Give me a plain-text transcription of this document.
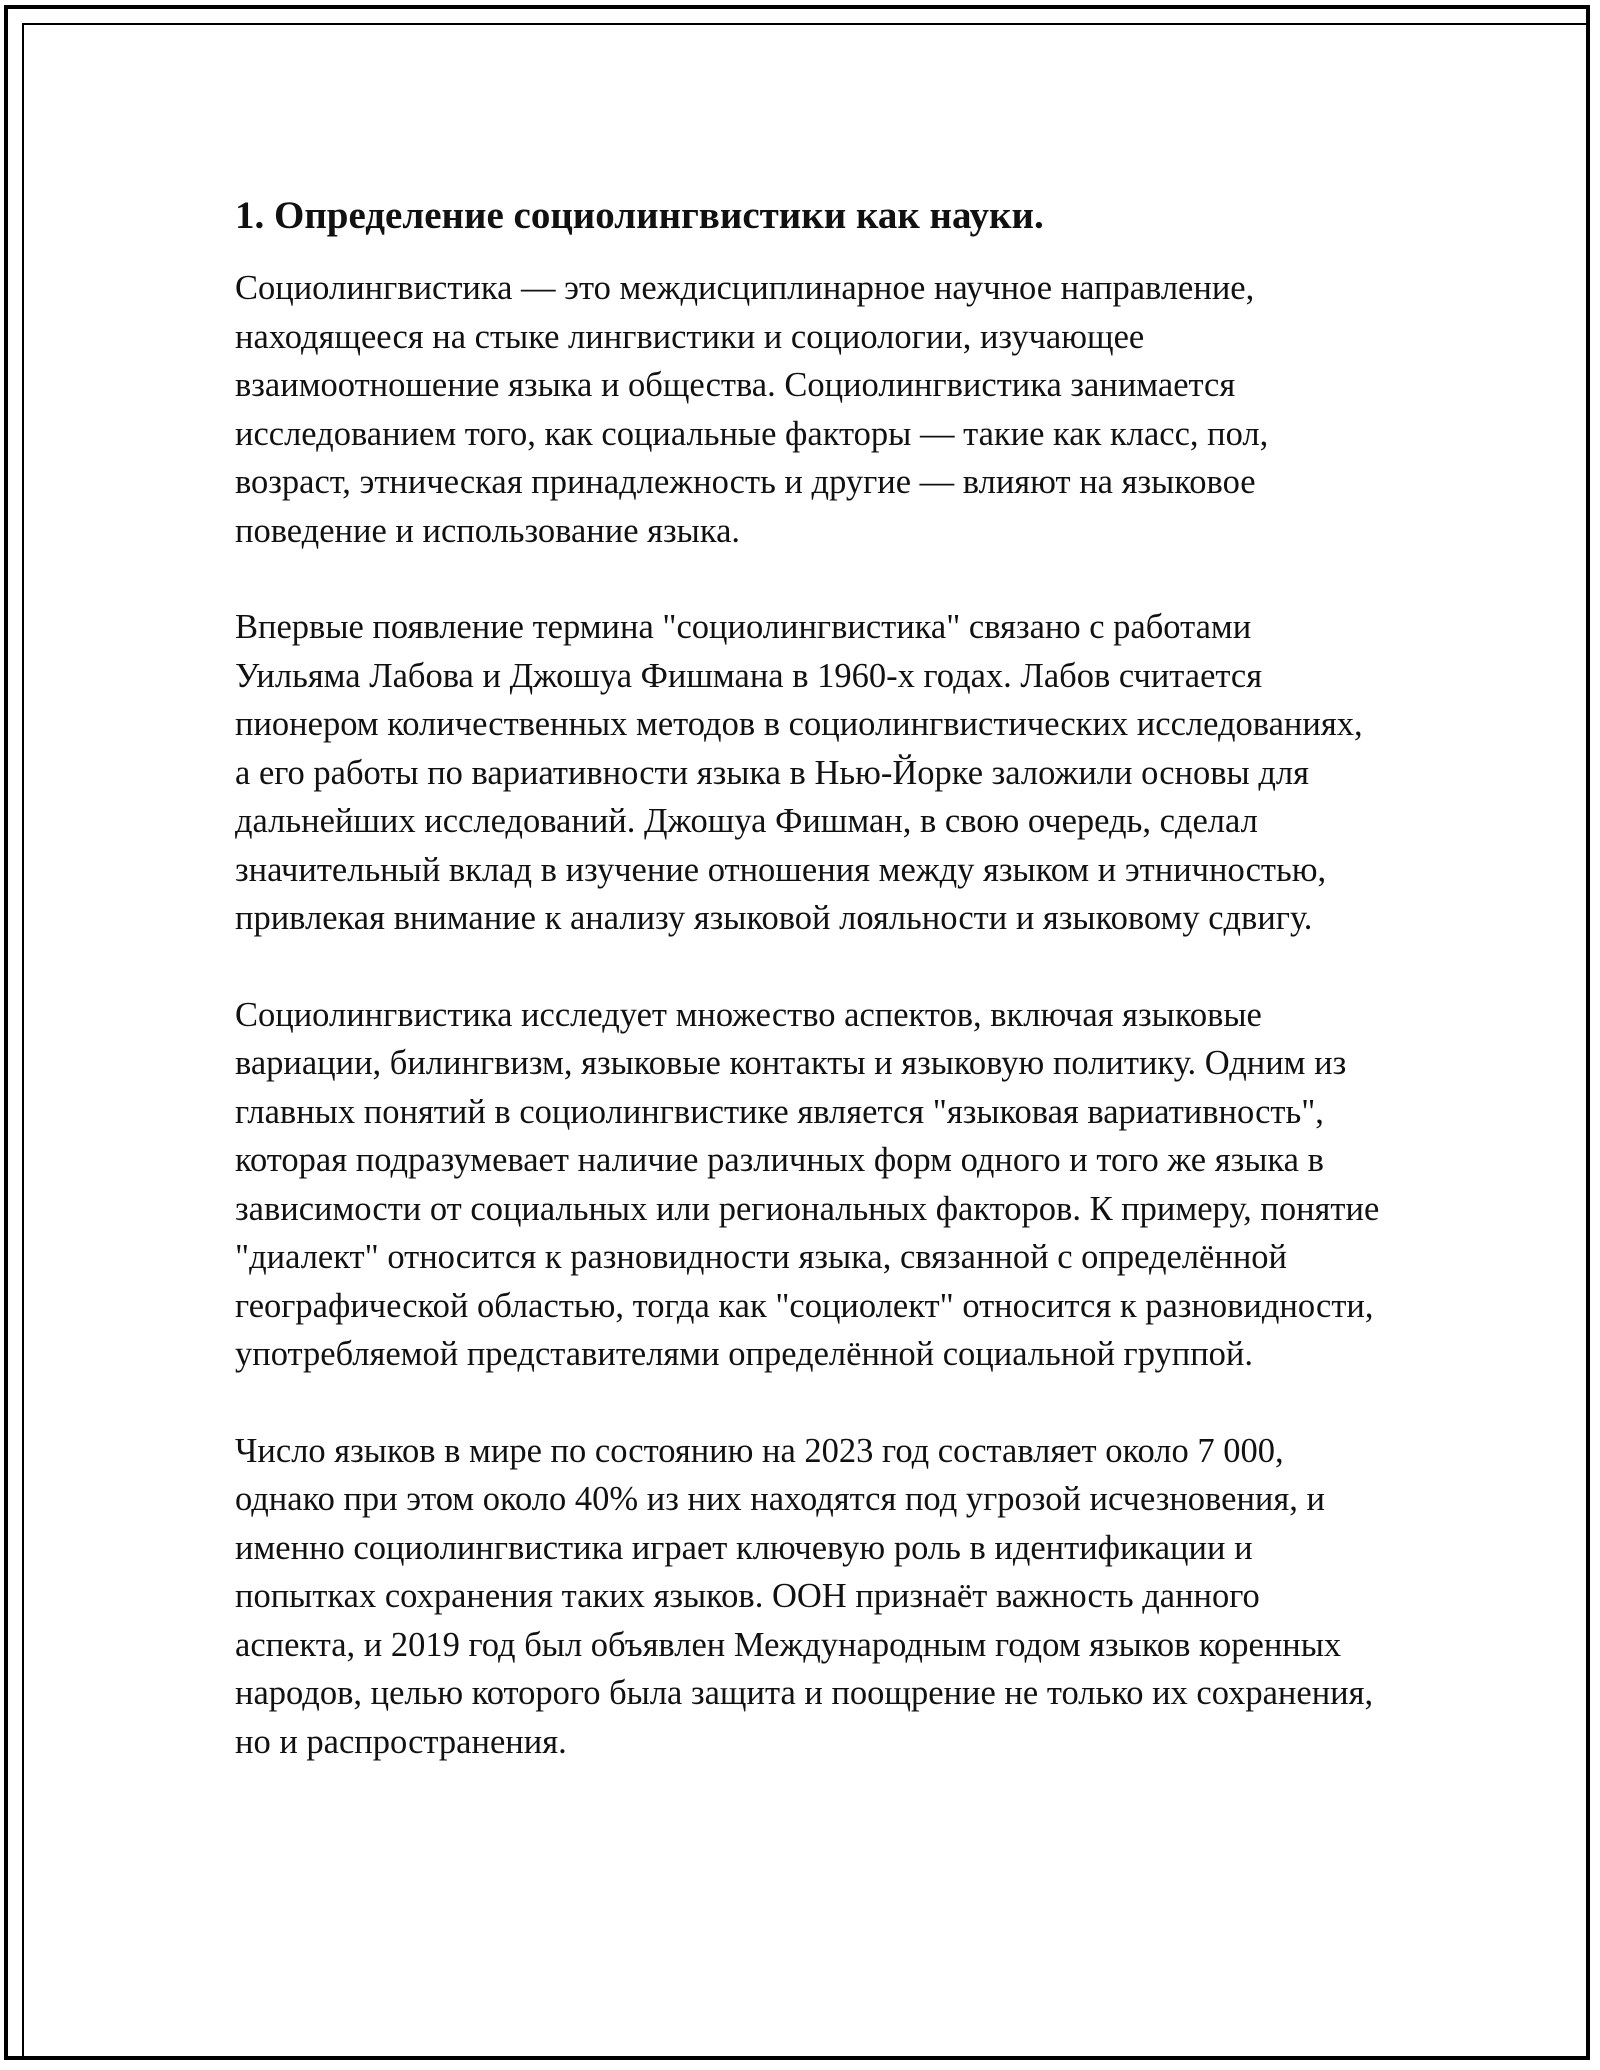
1. Определение социолингвистики как науки.

Социолингвистика — это междисциплинарное научное направление, находящееся на стыке лингвистики и социологии, изучающее взаимоотношение языка и общества. Социолингвистика занимается исследованием того, как социальные факторы — такие как класс, пол, возраст, этническая принадлежность и другие — влияют на языковое поведение и использование языка.

Впервые появление термина "социолингвистика" связано с работами Уильяма Лабова и Джошуа Фишмана в 1960-х годах. Лабов считается пионером количественных методов в социолингвистических исследованиях, а его работы по вариативности языка в Нью-Йорке заложили основы для дальнейших исследований. Джошуа Фишман, в свою очередь, сделал значительный вклад в изучение отношения между языком и этничностью, привлекая внимание к анализу языковой лояльности и языковому сдвигу.

Социолингвистика исследует множество аспектов, включая языковые вариации, билингвизм, языковые контакты и языковую политику. Одним из главных понятий в социолингвистике является "языковая вариативность", которая подразумевает наличие различных форм одного и того же языка в зависимости от социальных или региональных факторов. К примеру, понятие "диалект" относится к разновидности языка, связанной с определённой географической областью, тогда как "социолект" относится к разновидности, употребляемой представителями определённой социальной группой.

Число языков в мире по состоянию на 2023 год составляет около 7 000, однако при этом около 40% из них находятся под угрозой исчезновения, и именно социолингвистика играет ключевую роль в идентификации и попытках сохранения таких языков. ООН признаёт важность данного аспекта, и 2019 год был объявлен Международным годом языков коренных народов, целью которого была защита и поощрение не только их сохранения, но и распространения.
